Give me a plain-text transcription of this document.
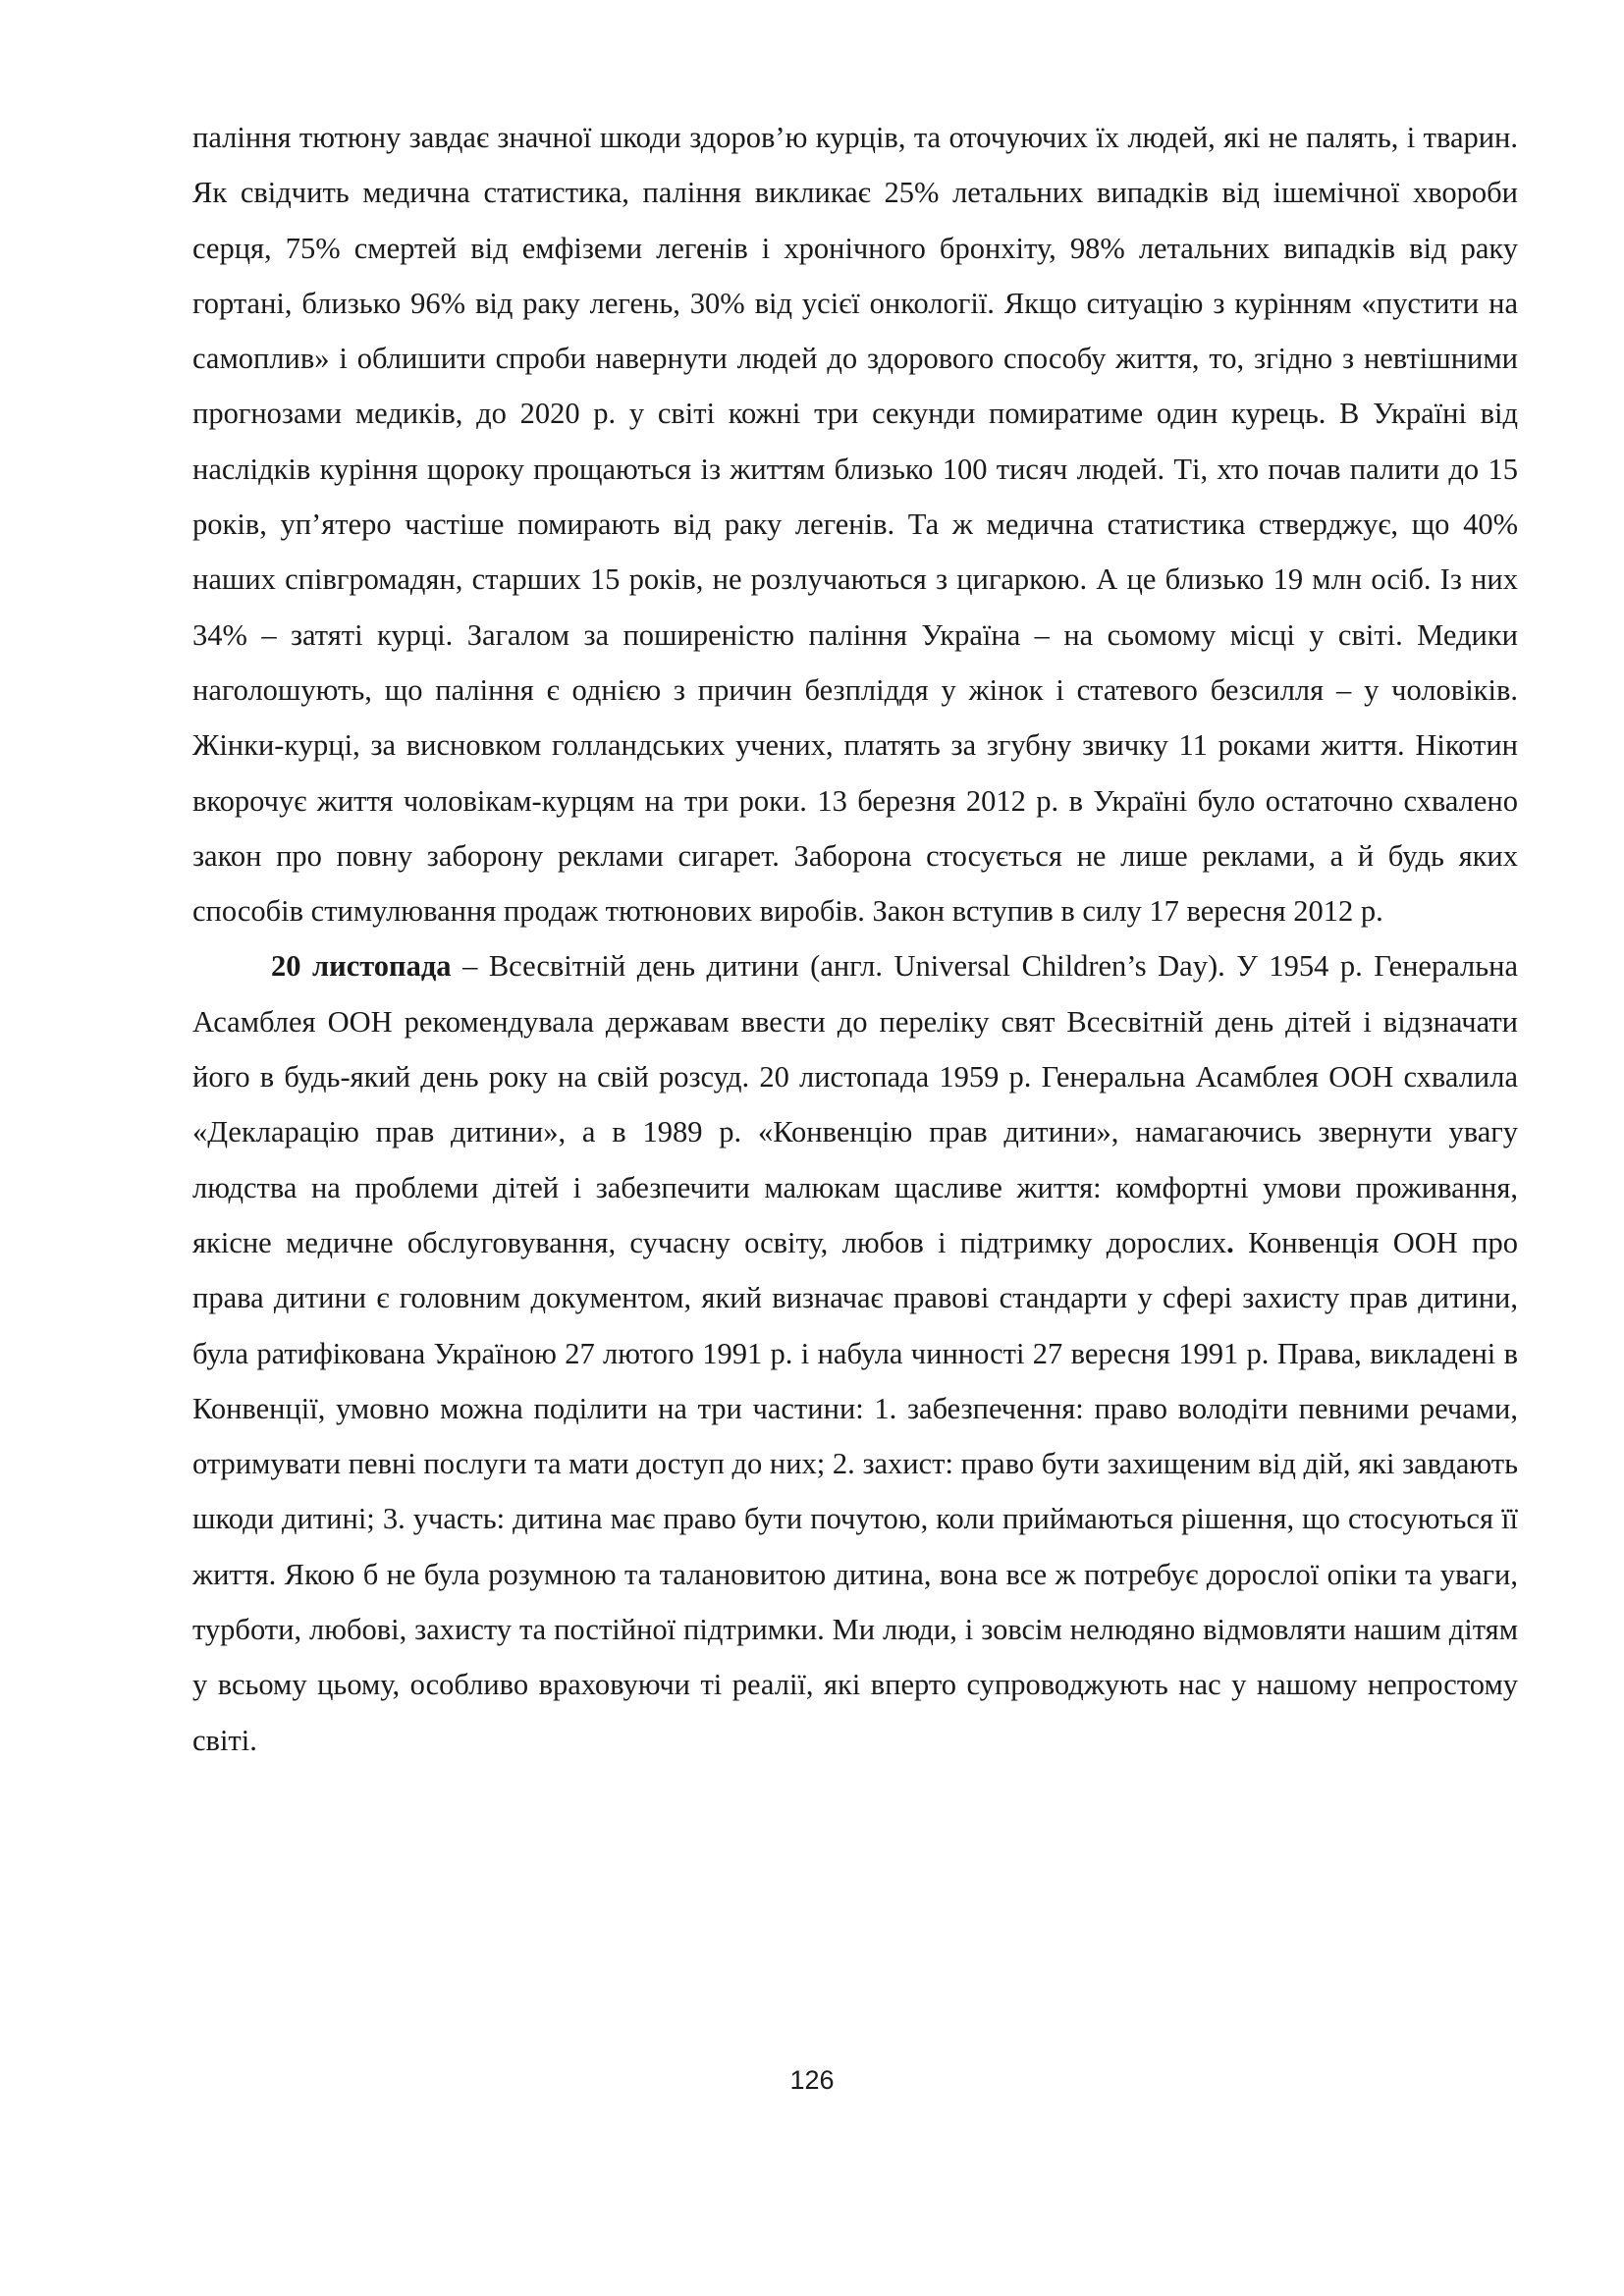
паління тютюну завдає значної шкоди здоров’ю курців, та оточуючих їх людей, які не палять, і тварин. Як свідчить медична статистика, паління викликає 25% летальних випадків від ішемічної хвороби серця, 75% смертей від емфіземи легенів і хронічного бронхіту, 98% летальних випадків від раку гортані, близько 96% від раку легень, 30% від усієї онкології. Якщо ситуацію з курінням «пустити на самоплив» і облишити спроби навернути людей до здорового способу життя, то, згідно з невтішними прогнозами медиків, до 2020 р. у світі кожні три секунди помиратиме один курець. В Україні від наслідків куріння щороку прощаються із життям близько 100 тисяч людей. Ті, хто почав палити до 15 років, уп’ятеро частіше помирають від раку легенів. Та ж медична статистика стверджує, що 40% наших співгромадян, старших 15 років, не розлучаються з цигаркою. А це близько 19 млн осіб. Із них 34% – затяті курці. Загалом за поширеністю паління Україна – на сьомому місці у світі. Медики наголошують, що паління є однією з причин безпліддя у жінок і статевого безсилля – у чоловіків. Жінки-курці, за висновком голландських учених, платять за згубну звичку 11 роками життя. Нікотин вкорочує життя чоловікам-курцям на три роки. 13 березня 2012 р. в Україні було остаточно схвалено закон про повну заборону реклами сигарет. Заборона стосується не лише реклами, а й будь яких способів стимулювання продаж тютюнових виробів. Закон вступив в силу 17 вересня 2012 р.

20 листопада – Всесвітній день дитини (англ. Universal Children’s Day). У 1954 р. Генеральна Асамблея ООН рекомендувала державам ввести до переліку свят Всесвітній день дітей і відзначати його в будь-який день року на свій розсуд. 20 листопада 1959 р. Генеральна Асамблея ООН схвалила «Декларацію прав дитини», а в 1989 р. «Конвенцію прав дитини», намагаючись звернути увагу людства на проблеми дітей і забезпечити малюкам щасливе життя: комфортні умови проживання, якісне медичне обслуговування, сучасну освіту, любов і підтримку дорослих. Конвенція ООН про права дитини є головним документом, який визначає правові стандарти у сфері захисту прав дитини, була ратифікована Україною 27 лютого 1991 р. і набула чинності 27 вересня 1991 р. Права, викладені в Конвенції, умовно можна поділити на три частини: 1. забезпечення: право володіти певними речами, отримувати певні послуги та мати доступ до них; 2. захист: право бути захищеним від дій, які завдають шкоди дитині; 3. участь: дитина має право бути почутою, коли приймаються рішення, що стосуються її життя. Якою б не була розумною та талановитою дитина, вона все ж потребує дорослої опіки та уваги, турботи, любові, захисту та постійної підтримки. Ми люди, і зовсім нелюдяно відмовляти нашим дітям у всьому цьому, особливо враховуючи ті реалії, які вперто супроводжують нас у нашому непростому світі.

126
